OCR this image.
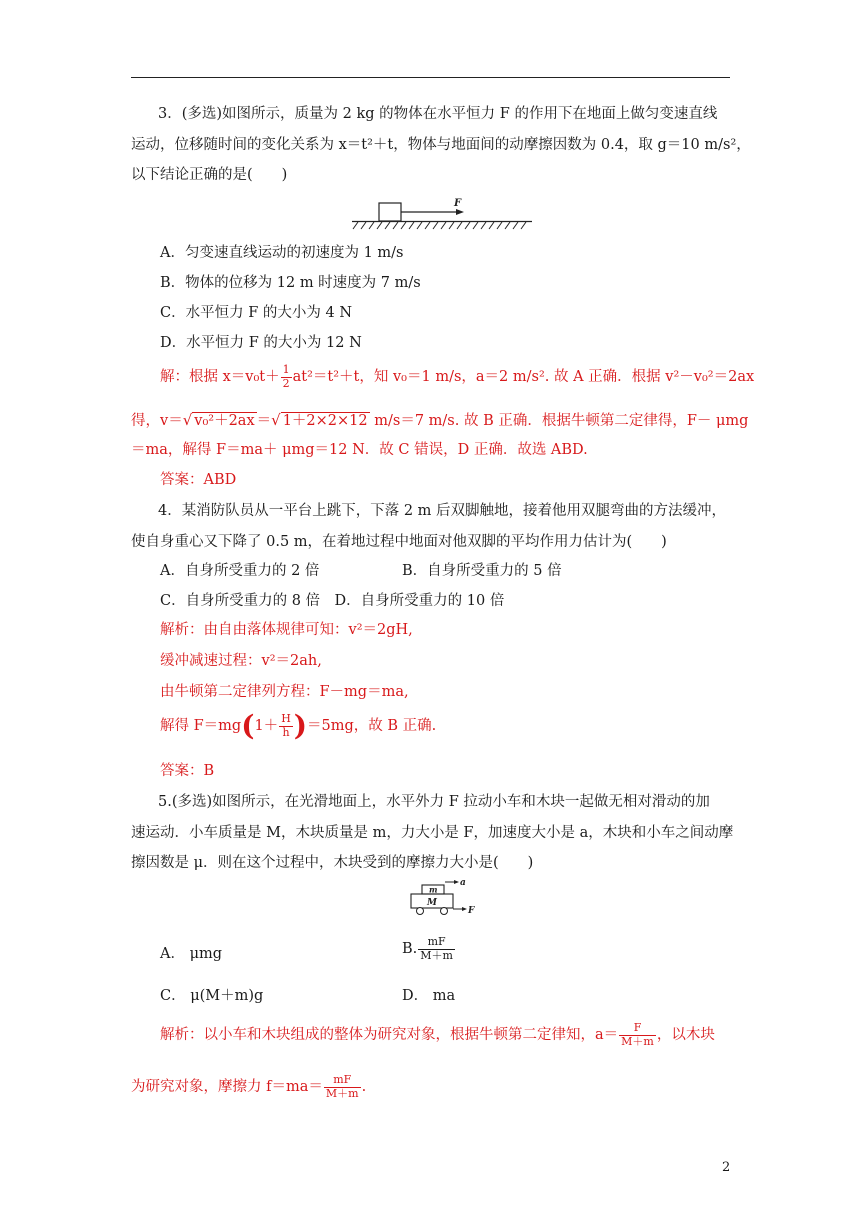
3．(多选)如图所示，质量为 2 kg 的物体在水平恒力 F 的作用下在地面上做匀变速直线
运动，位移随时间的变化关系为 x＝t²＋t，物体与地面间的动摩擦因数为 0.4，取 g＝10 m/s²，
以下结论正确的是(　　)
F
A．匀变速直线运动的初速度为 1 m/s
B．物体的位移为 12 m 时速度为 7 m/s
C．水平恒力 F 的大小为 4 N
D．水平恒力 F 的大小为 12 N
解：根据 $x=v_0t+ \frac{1}{2} at^2=t^2+t$，知 v₀＝1 m/s，a＝2 m/s². 故 A 正确．根据 v²－v₀²＝2ax
得，v＝√ v₀²＋2ax ＝√ 1＋2×2×12 m/s＝7 m/s. 故 B 正确．根据牛顿第二定律得，F－ μmg
＝ma，解得 F＝ma＋ μmg＝12 N．故 C 错误，D 正确．故选 ABD.
答案：ABD
4．某消防队员从一平台上跳下，下落 2 m 后双脚触地，接着他用双腿弯曲的方法缓冲，
使自身重心又下降了 0.5 m，在着地过程中地面对他双脚的平均作用力估计为(　　)
A．自身所受重力的 2 倍	B．自身所受重力的 5 倍
C．自身所受重力的 8 倍　D．自身所受重力的 10 倍
解析：由自由落体规律可知：v²＝2gH,
缓冲减速过程：v²＝2ah,
由牛顿第二定律列方程：F－mg＝ma,
解得 $F=mg(1+ \frac{H}{h} )=5mg$，故 B 正确.
答案：B
5.(多选)如图所示，在光滑地面上，水平外力 F 拉动小车和木块一起做无相对滑动的加
速运动．小车质量是 M，木块质量是 m，力大小是 F，加速度大小是 a，木块和小车之间动摩
擦因数是 μ．则在这个过程中，木块受到的摩擦力大小是(　　)
m
a
M
F
A． μmg	B. $\frac{mF}{M+m}$
C． μ(M＋m)g	D． ma
解析：以小车和木块组成的整体为研究对象，根据牛顿第二定律知，$a= \frac{F}{M+m}$ ，以木块
为研究对象，摩擦力 $f=ma= \frac{mF}{M+m}$ .
2
